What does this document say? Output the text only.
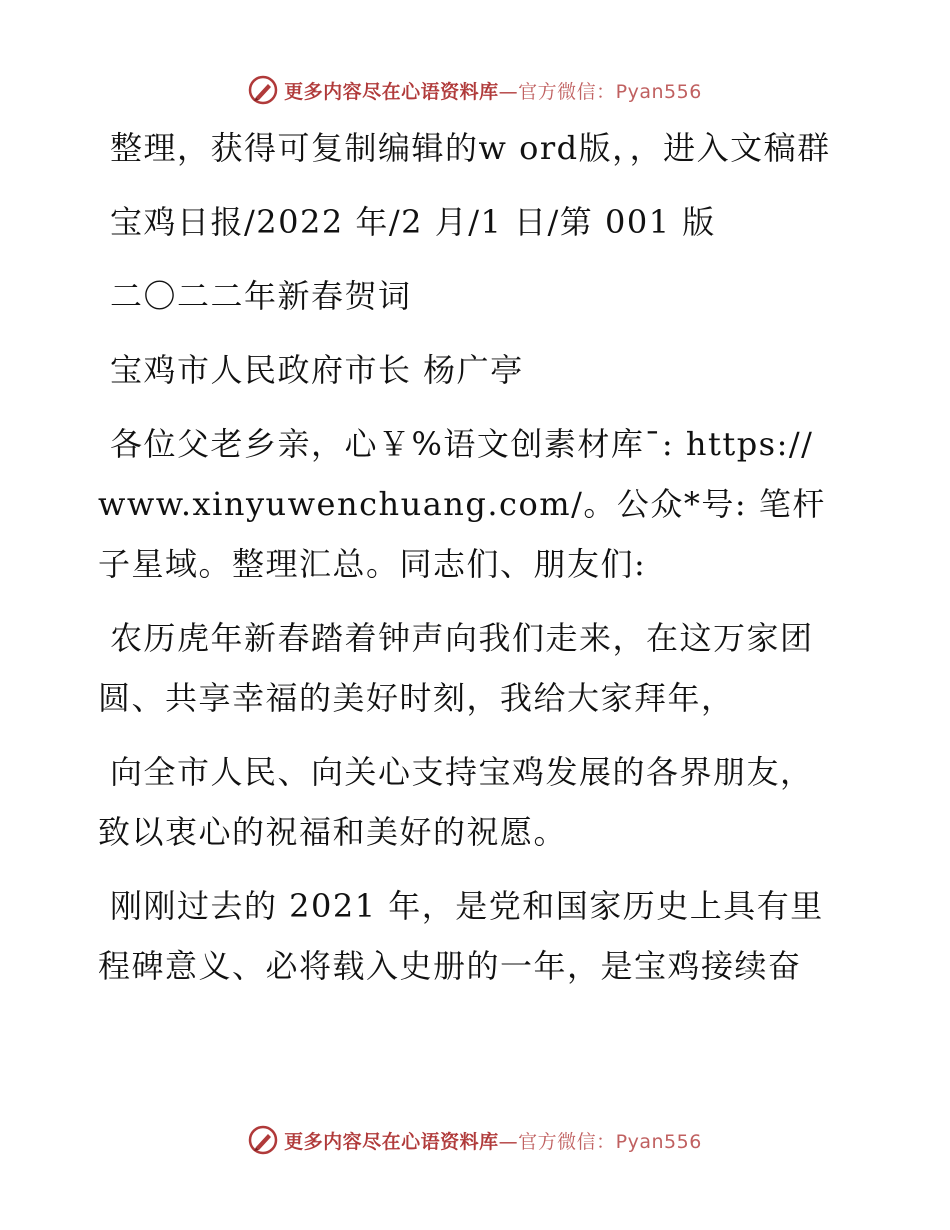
更多内容尽在心语资料库—官方微信：Pyan556

整理，获得可复制编辑的w ord版，，进入文稿群

宝鸡日报/2022 年/2 月/1 日/第 001 版

二〇二二年新春贺词

宝鸡市人民政府市长 杨广亭

各位父老乡亲，心￥%语文创素材库¯: https://www.xinyuwenchuang.com/。公众*号: 笔杆子星域。整理汇总。同志们、朋友们:

农历虎年新春踏着钟声向我们走来，在这万家团圆、共享幸福的美好时刻，我给大家拜年，

向全市人民、向关心支持宝鸡发展的各界朋友，致以衷心的祝福和美好的祝愿。

刚刚过去的 2021 年，是党和国家历史上具有里程碑意义、必将载入史册的一年，是宝鸡接续奋

更多内容尽在心语资料库—官方微信：Pyan556
